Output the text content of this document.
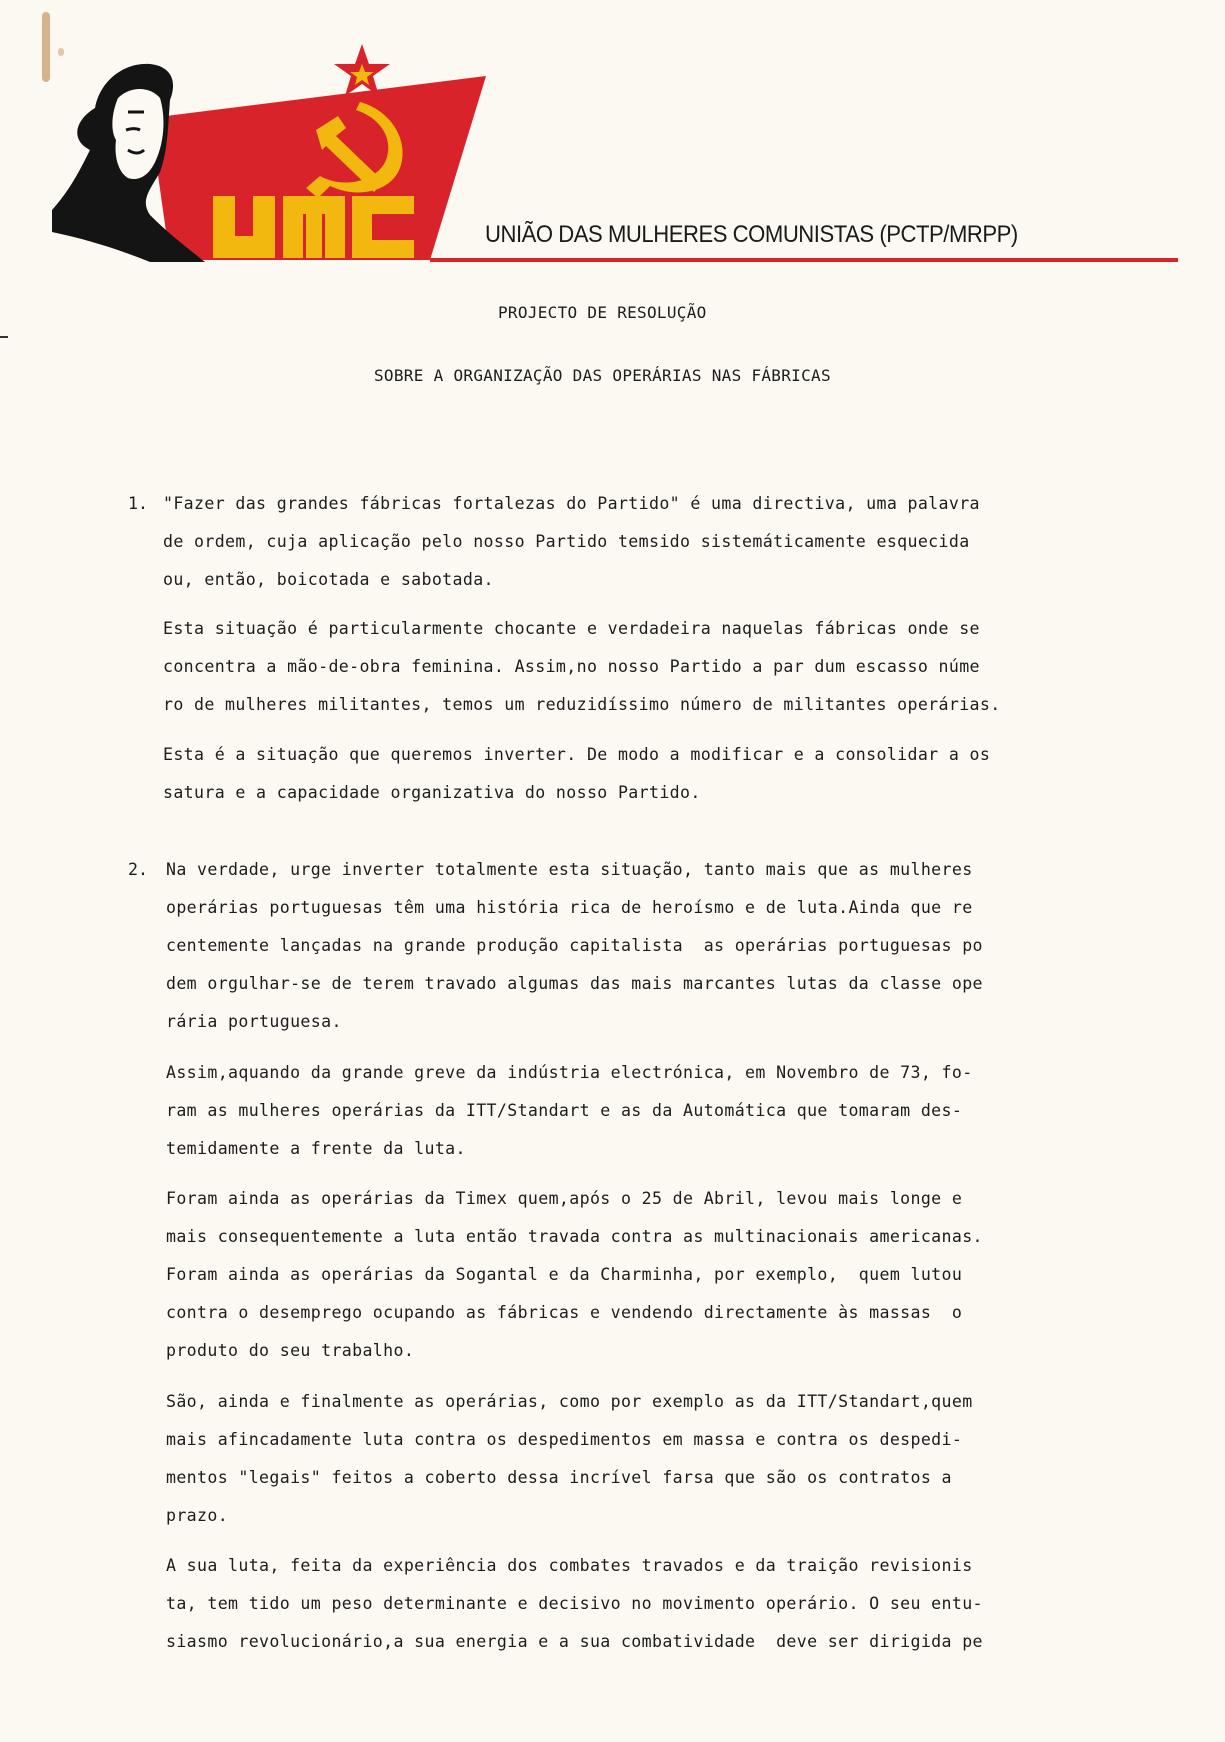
UNIÃO DAS MULHERES COMUNISTAS (PCTP/MRPP)
PROJECTO DE RESOLUÇÃO
SOBRE A ORGANIZAÇÃO DAS OPERÁRIAS NAS FÁBRICAS
1. "Fazer das grandes fábricas fortalezas do Partido" é uma directiva, uma palavra
de ordem, cuja aplicação pelo nosso Partido temsido sistemáticamente esquecida
ou, então, boicotada e sabotada.
Esta situação é particularmente chocante e verdadeira naquelas fábricas onde se
concentra a mão-de-obra feminina. Assim,no nosso Partido a par dum escasso núme
ro de mulheres militantes, temos um reduzidíssimo número de militantes operárias.
Esta é a situação que queremos inverter. De modo a modificar e a consolidar a os
satura e a capacidade organizativa do nosso Partido.
2. Na verdade, urge inverter totalmente esta situação, tanto mais que as mulheres
operárias portuguesas têm uma história rica de heroísmo e de luta.Ainda que re
centemente lançadas na grande produção capitalista  as operárias portuguesas po
dem orgulhar-se de terem travado algumas das mais marcantes lutas da classe ope
rária portuguesa.
Assim,aquando da grande greve da indústria electrónica, em Novembro de 73, fo-
ram as mulheres operárias da ITT/Standart e as da Automática que tomaram des-
temidamente a frente da luta.
Foram ainda as operárias da Timex quem,após o 25 de Abril, levou mais longe e
mais consequentemente a luta então travada contra as multinacionais americanas.
Foram ainda as operárias da Sogantal e da Charminha, por exemplo,  quem lutou
contra o desemprego ocupando as fábricas e vendendo directamente às massas  o
produto do seu trabalho.
São, ainda e finalmente as operárias, como por exemplo as da ITT/Standart,quem
mais afincadamente luta contra os despedimentos em massa e contra os despedi-
mentos "legais" feitos a coberto dessa incrível farsa que são os contratos a
prazo.
A sua luta, feita da experiência dos combates travados e da traição revisionis
ta, tem tido um peso determinante e decisivo no movimento operário. O seu entu-
siasmo revolucionário,a sua energia e a sua combatividade  deve ser dirigida pe
